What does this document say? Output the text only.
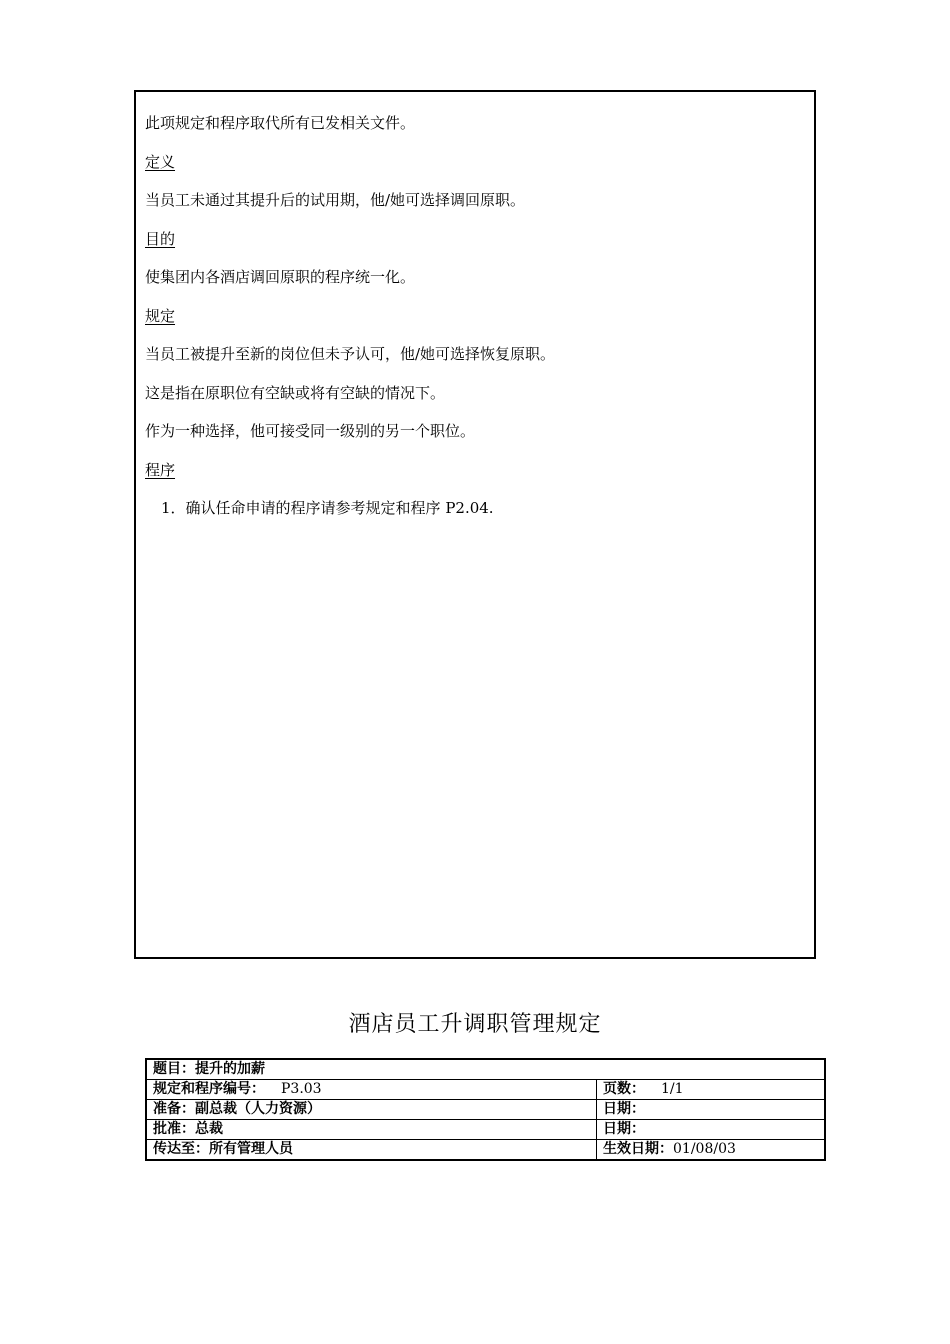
此项规定和程序取代所有已发相关文件。
定义
当员工未通过其提升后的试用期，他/她可选择调回原职。
目的
使集团内各酒店调回原职的程序统一化。
规定
当员工被提升至新的岗位但未予认可，他/她可选择恢复原职。
这是指在原职位有空缺或将有空缺的情况下。
作为一种选择，他可接受同一级别的另一个职位。
程序
1．确认任命申请的程序请参考规定和程序 P2.04.
酒店员工升调职管理规定
题目：提升的加薪	
规定和程序编号： P3.03	页数： 1/1
准备：副总裁（人力资源）	日期：
批准：总裁	日期：
传达至：所有管理人员	生效日期：01/08/03
